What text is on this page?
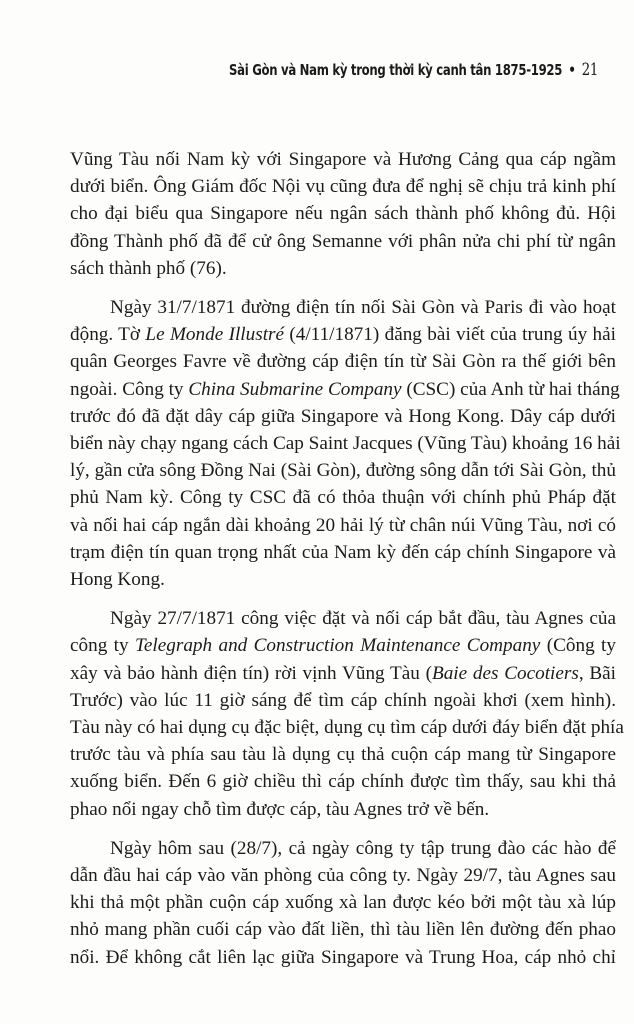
Sài Gòn và Nam kỳ trong thời kỳ canh tân 1875-1925 • 21
Vũng Tàu nối Nam kỳ với Singapore và Hương Cảng qua cáp ngầm
dưới biển. Ông Giám đốc Nội vụ cũng đưa để nghị sẽ chịu trả kinh phí
cho đại biểu qua Singapore nếu ngân sách thành phố không đủ. Hội
đồng Thành phố đã để cử ông Semanne với phân nửa chi phí từ ngân
sách thành phố (76).
Ngày 31/7/1871 đường điện tín nối Sài Gòn và Paris đi vào hoạt
động. Tờ Le Monde Illustré (4/11/1871) đăng bài viết của trung úy hải
quân Georges Favre về đường cáp điện tín từ Sài Gòn ra thế giới bên
ngoài. Công ty China Submarine Company (CSC) của Anh từ hai tháng
trước đó đã đặt dây cáp giữa Singapore và Hong Kong. Dây cáp dưới
biển này chạy ngang cách Cap Saint Jacques (Vũng Tàu) khoảng 16 hải
lý, gần cửa sông Đồng Nai (Sài Gòn), đường sông dẫn tới Sài Gòn, thủ
phủ Nam kỳ. Công ty CSC đã có thỏa thuận với chính phủ Pháp đặt
và nối hai cáp ngắn dài khoảng 20 hải lý từ chân núi Vũng Tàu, nơi có
trạm điện tín quan trọng nhất của Nam kỳ đến cáp chính Singapore và
Hong Kong.
Ngày 27/7/1871 công việc đặt và nối cáp bắt đầu, tàu Agnes của
công ty Telegraph and Construction Maintenance Company (Công ty
xây và bảo hành điện tín) rời vịnh Vũng Tàu (Baie des Cocotiers, Bãi
Trước) vào lúc 11 giờ sáng để tìm cáp chính ngoài khơi (xem hình).
Tàu này có hai dụng cụ đặc biệt, dụng cụ tìm cáp dưới đáy biển đặt phía
trước tàu và phía sau tàu là dụng cụ thả cuộn cáp mang từ Singapore
xuống biển. Đến 6 giờ chiều thì cáp chính được tìm thấy, sau khi thả
phao nổi ngay chỗ tìm được cáp, tàu Agnes trở về bến.
Ngày hôm sau (28/7), cả ngày công ty tập trung đào các hào để
dẫn đầu hai cáp vào văn phòng của công ty. Ngày 29/7, tàu Agnes sau
khi thả một phần cuộn cáp xuống xà lan được kéo bởi một tàu xà lúp
nhỏ mang phần cuối cáp vào đất liền, thì tàu liền lên đường đến phao
nổi. Để không cắt liên lạc giữa Singapore và Trung Hoa, cáp nhỏ chỉ
